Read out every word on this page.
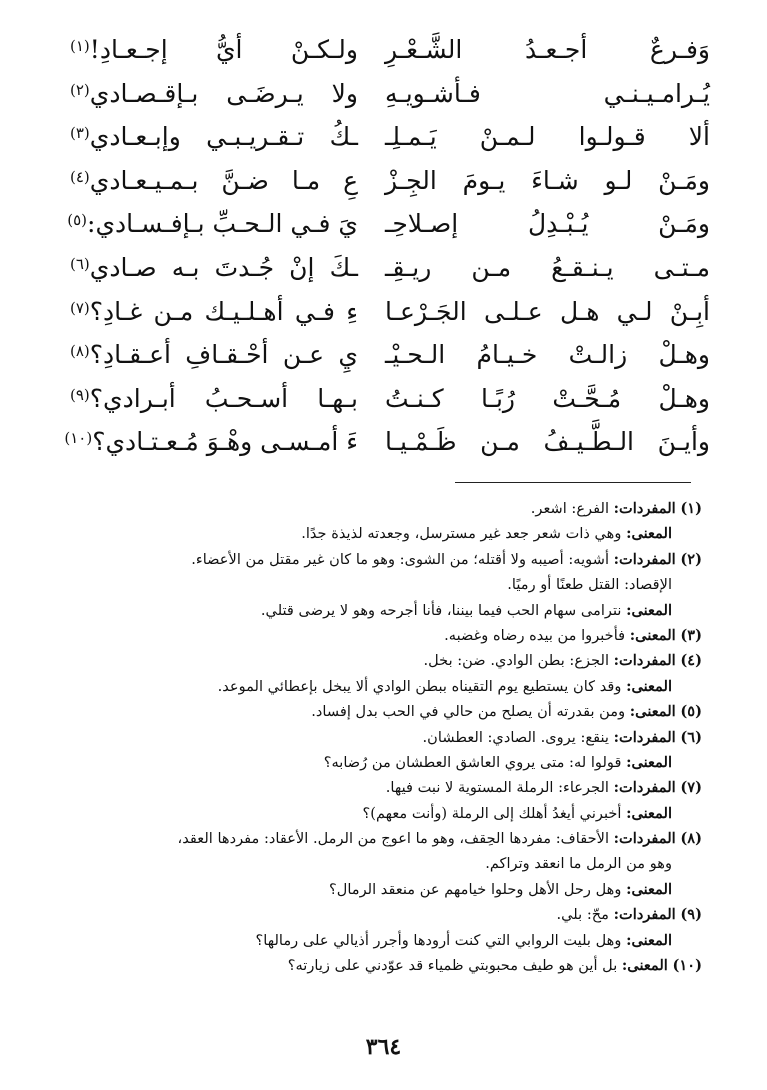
وَفـرعٌ أجـعـدُ الشَّـعْـرِ
ولـكـنْ أيُّ إجـعـادِ!$^{(١)}$
يُـرامـيـنـي فـأشـويـهِ
ولا يـرضَـى بـإقـصـادي$^{(٢)}$
ألا قـولـوا لـمـنْ يَـمـلِـ
ـكُ تـقـريـبـي وإبـعـادي$^{(٣)}$
ومَـنْ لـو شـاءَ يـومَ الجِـزْ
عِ مـا ضـنَّ بـمـيـعـادي$^{(٤)}$
ومَـنْ يُـبْـدِلُ إصـلاحِـ
يَ فـي الـحـبِّ بـإفـسـادي:$^{(٥)}$
مـتـى يـنـقـعُ مـن ريـقِـ
ـكَ إنْ جُـدتَ بـه صـادي$^{(٦)}$
أبِـنْ لـي هـل عـلـى الجَـرْعـا
ءِ فـي أهـلـيـك مـن غـادِ؟$^{(٧)}$
وهـلْ زالـتْ خـيـامُ الـحـيْـ
يِ عـن أحْـقـافِ أعـقـادِ؟$^{(٨)}$
وهـلْ مُـحَّـتْ رُبًـا كـنـتُ
بـهـا أسـحـبُ أبـرادي؟$^{(٩)}$
وأيـنَ الـطَّـيـفُ مـن ظَـمْـيـا
ءَ أمـسـى وهْـوَ مُـعـتـادي؟$^{(١٠)}$
(١) المفردات: الفرع: اشعر.
المعنى: وهي ذات شعر جعد غير مسترسل، وجعدته لذيذة جدًا.
(٢) المفردات: أشويه: أصيبه ولا أقتله؛ من الشوى: وهو ما كان غير مقتل من الأعضاء.
الإقصاد: القتل طعنًا أو رميًا.
المعنى: نترامى سهام الحب فيما بيننا، فأنا أجرحه وهو لا يرضى قتلي.
(٣) المعنى: فأخبروا من بيده رضاه وغضبه.
(٤) المفردات: الجزع: بطن الوادي. ضن: بخل.
المعنى: وقد كان يستطيع يوم التقيناه ببطن الوادي ألا يبخل بإعطائي الموعد.
(٥) المعنى: ومن بقدرته أن يصلح من حالي في الحب بدل إفساد.
(٦) المفردات: ينقع: يروى. الصادي: العطشان.
المعنى: قولوا له: متى يروي العاشق العطشان من رُضابه؟
(٧) المفردات: الجرعاء: الرملة المستوية لا نبت فيها.
المعنى: أخبرني أيغدُ أهلك إلى الرملة (وأنت معهم)؟
(٨) المفردات: الأحقاف: مفردها الحِقف، وهو ما اعوج من الرمل. الأعقاد: مفردها العقد،
وهو من الرمل ما انعقد وتراكم.
المعنى: وهل رحل الأهل وحلوا خيامهم عن منعقد الرمال؟
(٩) المفردات: محّ: بلي.
المعنى: وهل بليت الروابي التي كنت أرودها وأجرر أذيالي على رمالها؟
(١٠) المعنى: بل أين هو طيف محبوبتي ظمياء قد عوّدني على زيارته؟
٣٦٤
